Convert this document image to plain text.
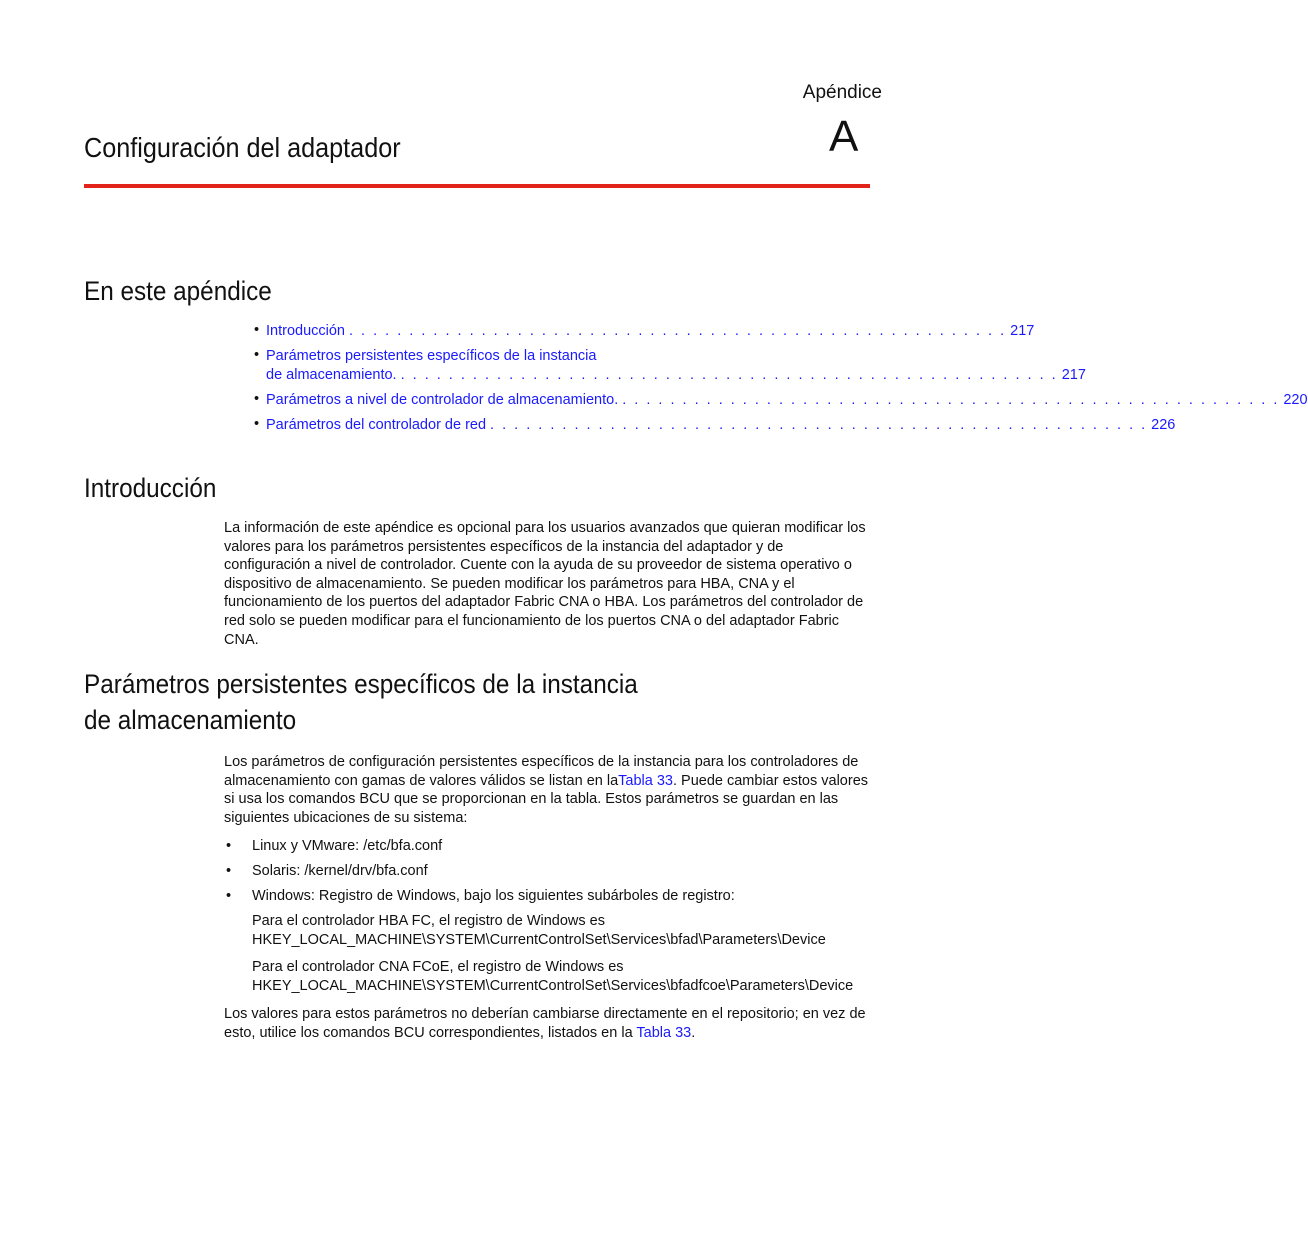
Apéndice
A
Configuración del adaptador
En este apéndice
• Introducción . . . . . . . . . . . . . . . . . . . . . . . . . . . . . . . . . . . . . . . . . . . . . . . . . . . . . . . 217
• Parámetros persistentes específicos de la instancia
de almacenamiento. . . . . . . . . . . . . . . . . . . . . . . . . . . . . . . . . . . . . . . . . . . . . . . . . . . . . . . . 217
• Parámetros a nivel de controlador de almacenamiento. . . . . . . . . . . . . . . . . . . . . . . . . . . . . . . . . . . . . . . . . . . . . . . . . . . . . . . . 220
• Parámetros del controlador de red . . . . . . . . . . . . . . . . . . . . . . . . . . . . . . . . . . . . . . . . . . . . . . . . . . . . . . . 226
Introducción

La información de este apéndice es opcional para los usuarios avanzados que quieran modificar los valores para los parámetros persistentes específicos de la instancia del adaptador y de configuración a nivel de controlador. Cuente con la ayuda de su proveedor de sistema operativo o dispositivo de almacenamiento. Se pueden modificar los parámetros para HBA, CNA y el funcionamiento de los puertos del adaptador Fabric CNA o HBA. Los parámetros del controlador de red solo se pueden modificar para el funcionamiento de los puertos CNA o del adaptador Fabric CNA.

Parámetros persistentes específicos de la instancia
de almacenamiento

Los parámetros de configuración persistentes específicos de la instancia para los controladores de almacenamiento con gamas de valores válidos se listan en laTabla 33. Puede cambiar estos valores si usa los comandos BCU que se proporcionan en la tabla. Estos parámetros se guardan en las siguientes ubicaciones de su sistema:

• Linux y VMware: /etc/bfa.conf
• Solaris: /kernel/drv/bfa.conf
• Windows: Registro de Windows, bajo los siguientes subárboles de registro:

Para el controlador HBA FC, el registro de Windows es
HKEY_LOCAL_MACHINE\SYSTEM\CurrentControlSet\Services\bfad\Parameters\Device

Para el controlador CNA FCoE, el registro de Windows es
HKEY_LOCAL_MACHINE\SYSTEM\CurrentControlSet\Services\bfadfcoe\Parameters\Device

Los valores para estos parámetros no deberían cambiarse directamente en el repositorio; en vez de esto, utilice los comandos BCU correspondientes, listados en la Tabla 33.
